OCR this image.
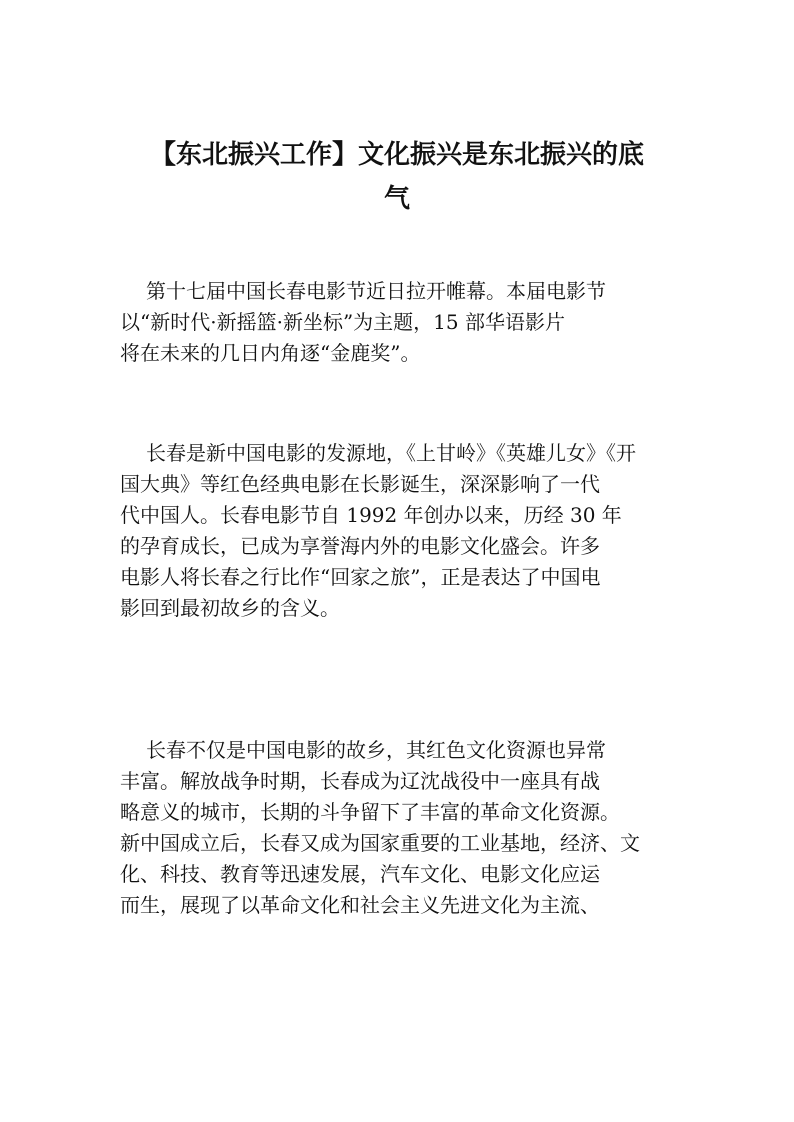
【东北振兴工作】文化振兴是东北振兴的底
气

第十七届中国长春电影节近日拉开帷幕。本届电影节
以“新时代·新摇篮·新坐标”为主题，15 部华语影片
将在未来的几日内角逐“金鹿奖”。

长春是新中国电影的发源地，《上甘岭》《英雄儿女》《开
国大典》等红色经典电影在长影诞生，深深影响了一代
代中国人。长春电影节自 1992 年创办以来，历经 30 年
的孕育成长，已成为享誉海内外的电影文化盛会。许多
电影人将长春之行比作“回家之旅”，正是表达了中国电
影回到最初故乡的含义。

长春不仅是中国电影的故乡，其红色文化资源也异常
丰富。解放战争时期，长春成为辽沈战役中一座具有战
略意义的城市，长期的斗争留下了丰富的革命文化资源。
新中国成立后，长春又成为国家重要的工业基地，经济、文
化、科技、教育等迅速发展，汽车文化、电影文化应运
而生，展现了以革命文化和社会主义先进文化为主流、
